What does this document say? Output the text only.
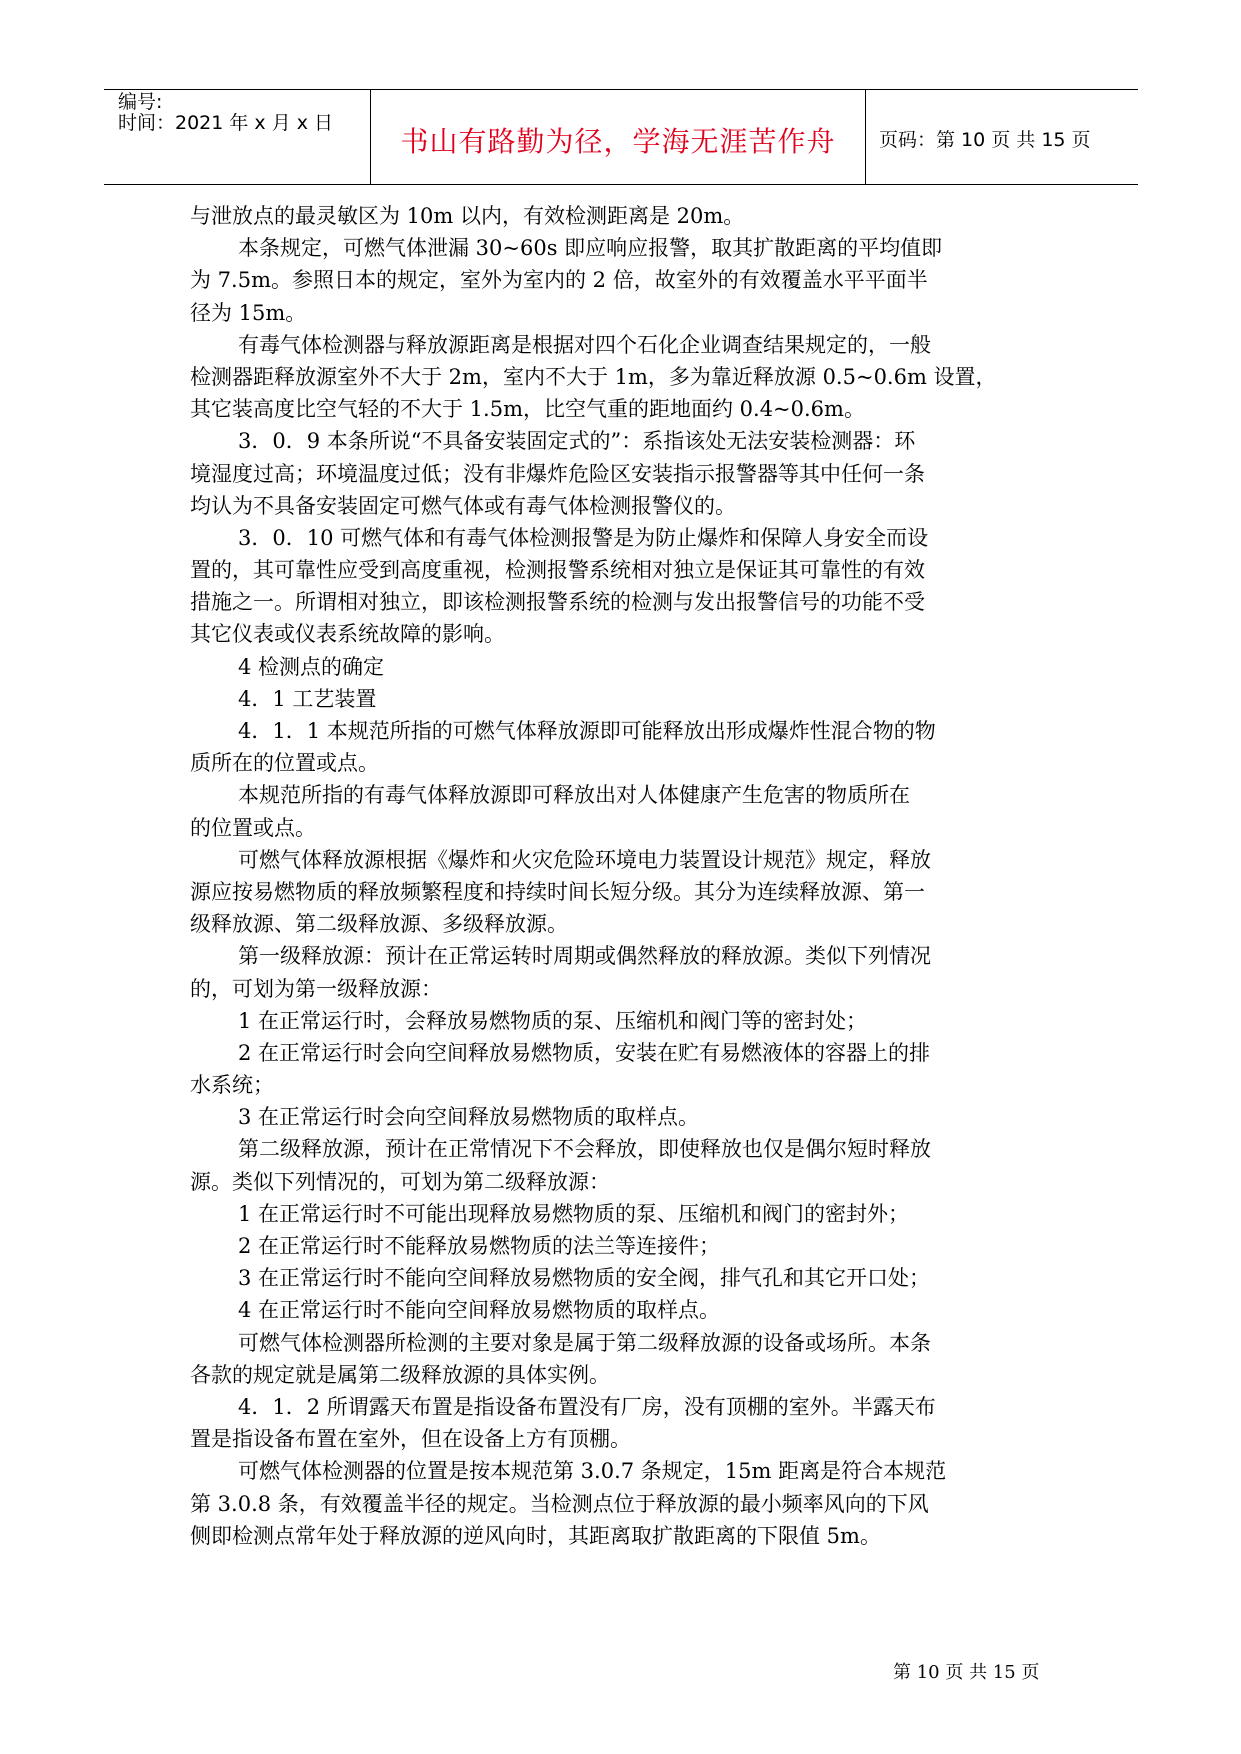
编号:
时间：2021 年 x 月 x 日
书山有路勤为径，学海无涯苦作舟	页码：第 10 页 共 15 页
与泄放点的最灵敏区为 10m 以内，有效检测距离是 20m。
本条规定，可燃气体泄漏 30~60s 即应响应报警，取其扩散距离的平均值即
为 7.5m。参照日本的规定，室外为室内的 2 倍，故室外的有效覆盖水平平面半
径为 15m。
有毒气体检测器与释放源距离是根据对四个石化企业调查结果规定的，一般
检测器距释放源室外不大于 2m，室内不大于 1m，多为靠近释放源 0.5~0.6m 设置，
其它装高度比空气轻的不大于 1.5m，比空气重的距地面约 0.4~0.6m。
3．0．9 本条所说“不具备安装固定式的”：系指该处无法安装检测器：环
境湿度过高；环境温度过低；没有非爆炸危险区安装指示报警器等其中任何一条
均认为不具备安装固定可燃气体或有毒气体检测报警仪的。
3．0．10 可燃气体和有毒气体检测报警是为防止爆炸和保障人身安全而设
置的，其可靠性应受到高度重视，检测报警系统相对独立是保证其可靠性的有效
措施之一。所谓相对独立，即该检测报警系统的检测与发出报警信号的功能不受
其它仪表或仪表系统故障的影响。
4 检测点的确定
4．1 工艺装置
4．1．1 本规范所指的可燃气体释放源即可能释放出形成爆炸性混合物的物
质所在的位置或点。
本规范所指的有毒气体释放源即可释放出对人体健康产生危害的物质所在
的位置或点。
可燃气体释放源根据《爆炸和火灾危险环境电力装置设计规范》规定，释放
源应按易燃物质的释放频繁程度和持续时间长短分级。其分为连续释放源、第一
级释放源、第二级释放源、多级释放源。
第一级释放源：预计在正常运转时周期或偶然释放的释放源。类似下列情况
的，可划为第一级释放源：
1 在正常运行时，会释放易燃物质的泵、压缩机和阀门等的密封处；
2 在正常运行时会向空间释放易燃物质，安装在贮有易燃液体的容器上的排
水系统；
3 在正常运行时会向空间释放易燃物质的取样点。
第二级释放源，预计在正常情况下不会释放，即使释放也仅是偶尔短时释放
源。类似下列情况的，可划为第二级释放源：
1 在正常运行时不可能出现释放易燃物质的泵、压缩机和阀门的密封外；
2 在正常运行时不能释放易燃物质的法兰等连接件；
3 在正常运行时不能向空间释放易燃物质的安全阀，排气孔和其它开口处；
4 在正常运行时不能向空间释放易燃物质的取样点。
可燃气体检测器所检测的主要对象是属于第二级释放源的设备或场所。本条
各款的规定就是属第二级释放源的具体实例。
4．1．2 所谓露天布置是指设备布置没有厂房，没有顶棚的室外。半露天布
置是指设备布置在室外，但在设备上方有顶棚。
可燃气体检测器的位置是按本规范第 3.0.7 条规定，15m 距离是符合本规范
第 3.0.8 条，有效覆盖半径的规定。当检测点位于释放源的最小频率风向的下风
侧即检测点常年处于释放源的逆风向时，其距离取扩散距离的下限值 5m。
第 10 页 共 15 页
